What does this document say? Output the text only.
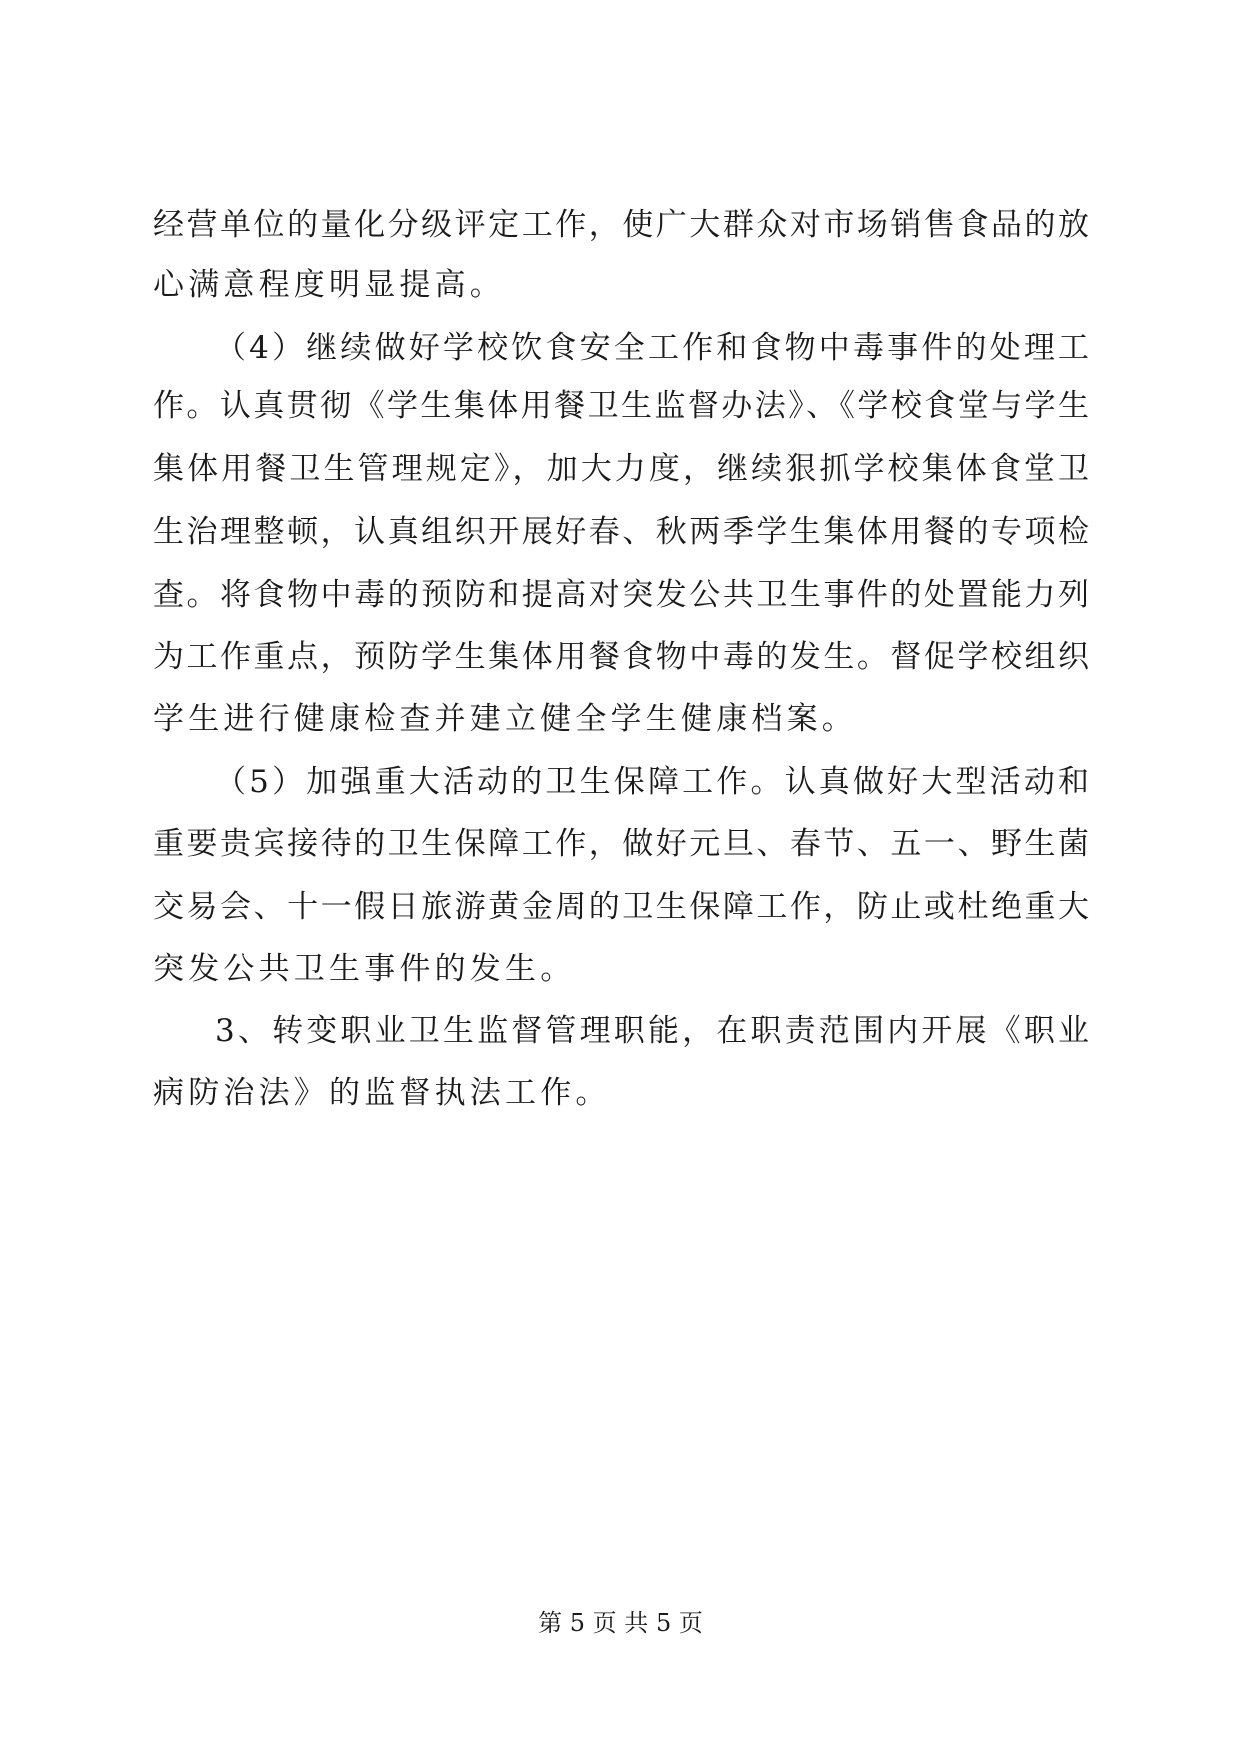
经营单位的量化分级评定工作，使广大群众对市场销售食品的放
心满意程度明显提高。
（4）继续做好学校饮食安全工作和食物中毒事件的处理工
作。认真贯彻《学生集体用餐卫生监督办法》、《学校食堂与学生
集体用餐卫生管理规定》，加大力度，继续狠抓学校集体食堂卫
生治理整顿，认真组织开展好春、秋两季学生集体用餐的专项检
查。将食物中毒的预防和提高对突发公共卫生事件的处置能力列
为工作重点，预防学生集体用餐食物中毒的发生。督促学校组织
学生进行健康检查并建立健全学生健康档案。
（5）加强重大活动的卫生保障工作。认真做好大型活动和
重要贵宾接待的卫生保障工作，做好元旦、春节、五一、野生菌
交易会、十一假日旅游黄金周的卫生保障工作，防止或杜绝重大
突发公共卫生事件的发生。
3、转变职业卫生监督管理职能，在职责范围内开展《职业
病防治法》的监督执法工作。
第 5 页 共 5 页
